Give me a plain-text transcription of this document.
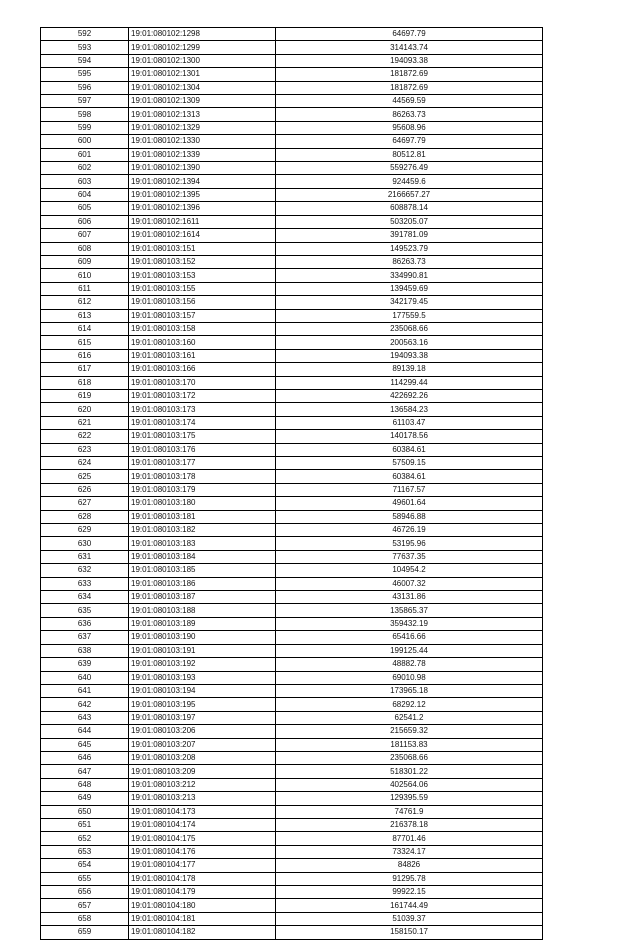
592	19:01:080102:1298	64697.79
593	19:01:080102:1299	314143.74
594	19:01:080102:1300	194093.38
595	19:01:080102:1301	181872.69
596	19:01:080102:1304	181872.69
597	19:01:080102:1309	44569.59
598	19:01:080102:1313	86263.73
599	19:01:080102:1329	95608.96
600	19:01:080102:1330	64697.79
601	19:01:080102:1339	80512.81
602	19:01:080102:1390	559276.49
603	19:01:080102:1394	924459.6
604	19:01:080102:1395	2166657.27
605	19:01:080102:1396	608878.14
606	19:01:080102:1611	503205.07
607	19:01:080102:1614	391781.09
608	19:01:080103:151	149523.79
609	19:01:080103:152	86263.73
610	19:01:080103:153	334990.81
611	19:01:080103:155	139459.69
612	19:01:080103:156	342179.45
613	19:01:080103:157	177559.5
614	19:01:080103:158	235068.66
615	19:01:080103:160	200563.16
616	19:01:080103:161	194093.38
617	19:01:080103:166	89139.18
618	19:01:080103:170	114299.44
619	19:01:080103:172	422692.26
620	19:01:080103:173	136584.23
621	19:01:080103:174	61103.47
622	19:01:080103:175	140178.56
623	19:01:080103:176	60384.61
624	19:01:080103:177	57509.15
625	19:01:080103:178	60384.61
626	19:01:080103:179	71167.57
627	19:01:080103:180	49601.64
628	19:01:080103:181	58946.88
629	19:01:080103:182	46726.19
630	19:01:080103:183	53195.96
631	19:01:080103:184	77637.35
632	19:01:080103:185	104954.2
633	19:01:080103:186	46007.32
634	19:01:080103:187	43131.86
635	19:01:080103:188	135865.37
636	19:01:080103:189	359432.19
637	19:01:080103:190	65416.66
638	19:01:080103:191	199125.44
639	19:01:080103:192	48882.78
640	19:01:080103:193	69010.98
641	19:01:080103:194	173965.18
642	19:01:080103:195	68292.12
643	19:01:080103:197	62541.2
644	19:01:080103:206	215659.32
645	19:01:080103:207	181153.83
646	19:01:080103:208	235068.66
647	19:01:080103:209	518301.22
648	19:01:080103:212	402564.06
649	19:01:080103:213	129395.59
650	19:01:080104:173	74761.9
651	19:01:080104:174	216378.18
652	19:01:080104:175	87701.46
653	19:01:080104:176	73324.17
654	19:01:080104:177	84826
655	19:01:080104:178	91295.78
656	19:01:080104:179	99922.15
657	19:01:080104:180	161744.49
658	19:01:080104:181	51039.37
659	19:01:080104:182	158150.17
